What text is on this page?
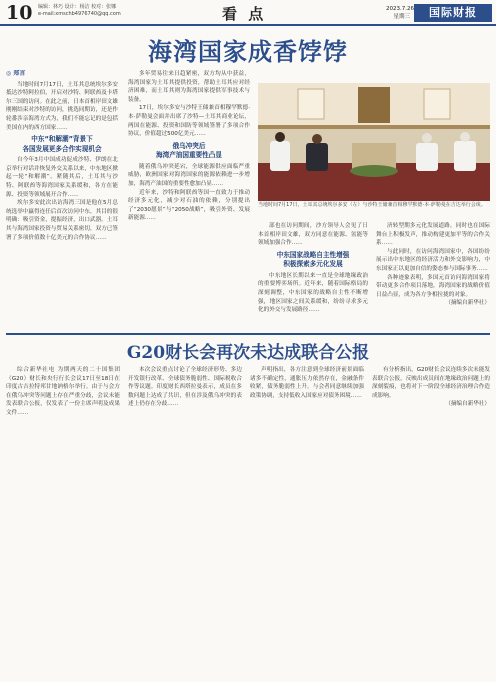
10 编辑：林巧 设计：杨洁 校对：张娜
e-mail:xmschb4976740@qq.com	看 点	2023.7.26
星期三	国际财报
海湾国家成香饽饽
◎ 郑言

当地时间7月17日，土耳其总统埃尔多安抵达沙特阿拉伯，开启对沙特、阿联酋及卡塔尔三国的访问。在此之前，日本首相岸田文雄刚刚结束对沙特的访问，挑选同期访，还是作轮番涉亲海湾方式为，我们不能忘记的是包括美国在内的西方国家……

中东“和解潮”背景下
各国发展更多合作实现机会

自今年3月中国成功促成沙特、伊朗在北京举行对话并恢复外交关系以来，中东地区掀起一轮“和解潮”。紧随其后，土耳其与沙特、阿联酋等海湾国家关系缓和，各方在能源、投资等领域展开合作……

埃尔多安此次出访海湾三国是他在5月总统选举中赢得连任后首次访问中东。其目的很明确：吸引资金，提振经济，出口武器。土耳其与海湾国家投资与贸易关系密切，双方已签署了多项价值数十亿美元的合作协议……

多年贸易往来日趋紧密，双方均从中获益，海湾国家为土耳其提供投资，帮助土耳其应对经济困难，而土耳其则为海湾国家提供军事技术与装备。

17日，埃尔多安与沙特王储兼首相穆罕默德·本·萨勒曼会面并出席了沙特—土耳其商业论坛，两国在能源、投资和国防等领域签署了多项合作协议，价值超过500亿美元……

俄乌冲突后
海湾产油国重要性凸显

随着俄乌冲突延宕，全球能源供应面临严重威胁，欧洲国家对海湾国家的能源依赖进一步增加，海湾产油国的重要性愈加凸显……

近年来，沙特和阿联酋等国一直致力于推动经济多元化，减少对石油的依赖，分别提出了“2030愿景”与“2050战略”，吸引外资、发展新能源……

当地时间7月17日，土耳其总统埃尔多安（左）与沙特王储兼首相穆罕默德·本·萨勒曼在吉达举行会谈。

部也在访问期间，沙方领导人会见了日本首相岸田文雄，双方同意在能源、氢能等领域加强合作……

中东国家战略自主性增强
积极探索多元化发展

中东地区长期以来一直是全球地缘政治的重要博弈场所。近年来，随着国际格局的深刻调整，中东国家的战略自主性不断增强，地区国家之间关系缓和，纷纷寻求多元化的外交与发展路径……

济转型期多元化发展道路，同时也在国际舞台上积极发声，推动构建更加平等的合作关系……

与此同时，在访问海湾国家中，各国纷纷展示出中东地区的经济活力和外交影响力，中东国家正以更加自信的姿态参与国际事务……

各种迹象表明，多国元首访问海湾国家将带动更多合作项目落地，海湾国家的战略价值日益凸显，成为各方争相拉拢的对象。

（摘编自新华社）
G20财长会再次未达成联合公报

综合新华社电 为期两天的二十国集团（G20）财长和央行行长会议17日至18日在印度古吉拉特邦甘地讷格尔举行。由于与会方在俄乌冲突等问题上存在严重分歧，会议未能发表联合公报，仅发表了一份主席声明及成果文件……

本次会议重点讨论了全球经济形势、多边开发银行改革、全球债务脆弱性、国际税收合作等议题。印度财长西塔拉曼表示，成员在多数问题上达成了共识，但在涉及俄乌冲突的表述上仍存在分歧……

声明指出，各方注意到全球经济前景面临诸多不确定性，通胀压力依然存在，金融条件收紧，债务脆弱性上升。与会者同意继续加强政策协调，支持低收入国家应对债务困境……

有分析指出，G20财长会议连续多次未能发表联合公报，反映出成员间在地缘政治问题上的深刻裂痕，也将对下一阶段全球经济治理合作造成影响。

（摘编自新华社）
